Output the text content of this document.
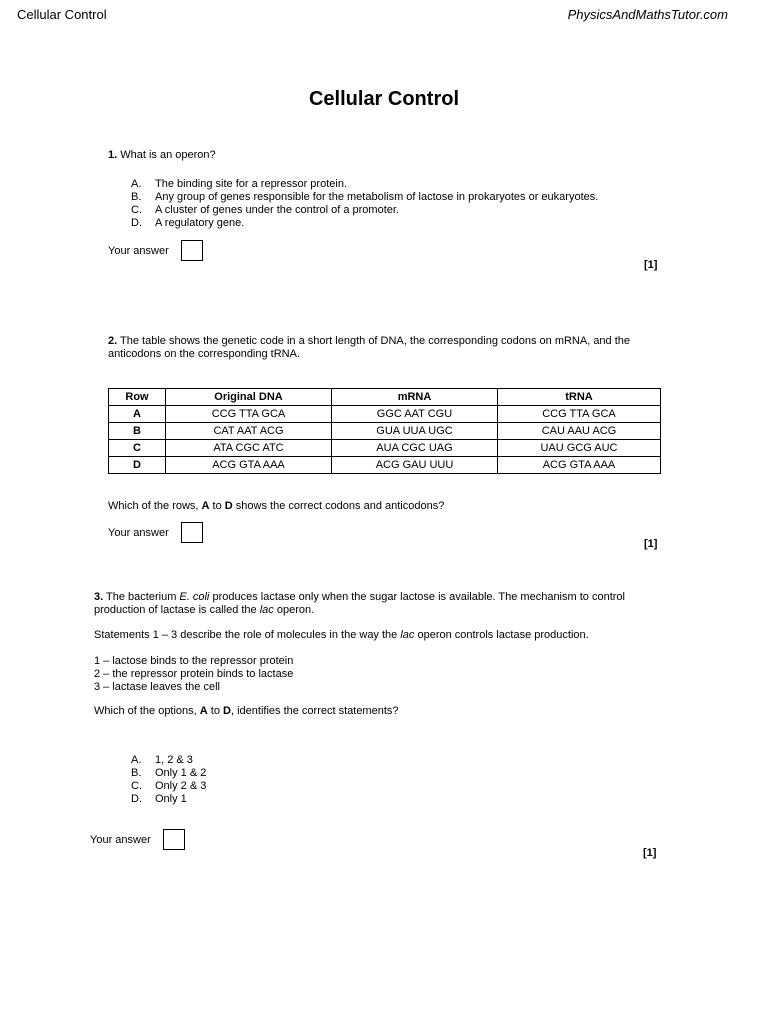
Cellular Control	PhysicsAndMathsTutor.com
Cellular Control
1. What is an operon?
A.	The binding site for a repressor protein.
B.	Any group of genes responsible for the metabolism of lactose in prokaryotes or eukaryotes.
C.	A cluster of genes under the control of a promoter.
D.	A regulatory gene.
Your answer
[1]

2. The table shows the genetic code in a short length of DNA, the corresponding codons on mRNA, and the anticodons on the corresponding tRNA.

Row	Original DNA	mRNA	tRNA
A	CCG TTA GCA	GGC AAT CGU	CCG TTA GCA
B	CAT AAT ACG	GUA UUA UGC	CAU AAU ACG
C	ATA CGC ATC	AUA CGC UAG	UAU GCG AUC
D	ACG GTA AAA	ACG GAU UUU	ACG GTA AAA
Which of the rows, A to D shows the correct codons and anticodons?
Your answer
[1]

3. The bacterium E. coli produces lactase only when the sugar lactose is available. The mechanism to control production of lactase is called the lac operon.

Statements 1 – 3 describe the role of molecules in the way the lac operon controls lactase production.
1 – lactose binds to the repressor protein
2 – the repressor protein binds to lactase
3 – lactase leaves the cell
Which of the options, A to D, identifies the correct statements?
A.	1, 2 & 3
B.	Only 1 & 2
C.	Only 2 & 3
D.	Only 1
Your answer
[1]
